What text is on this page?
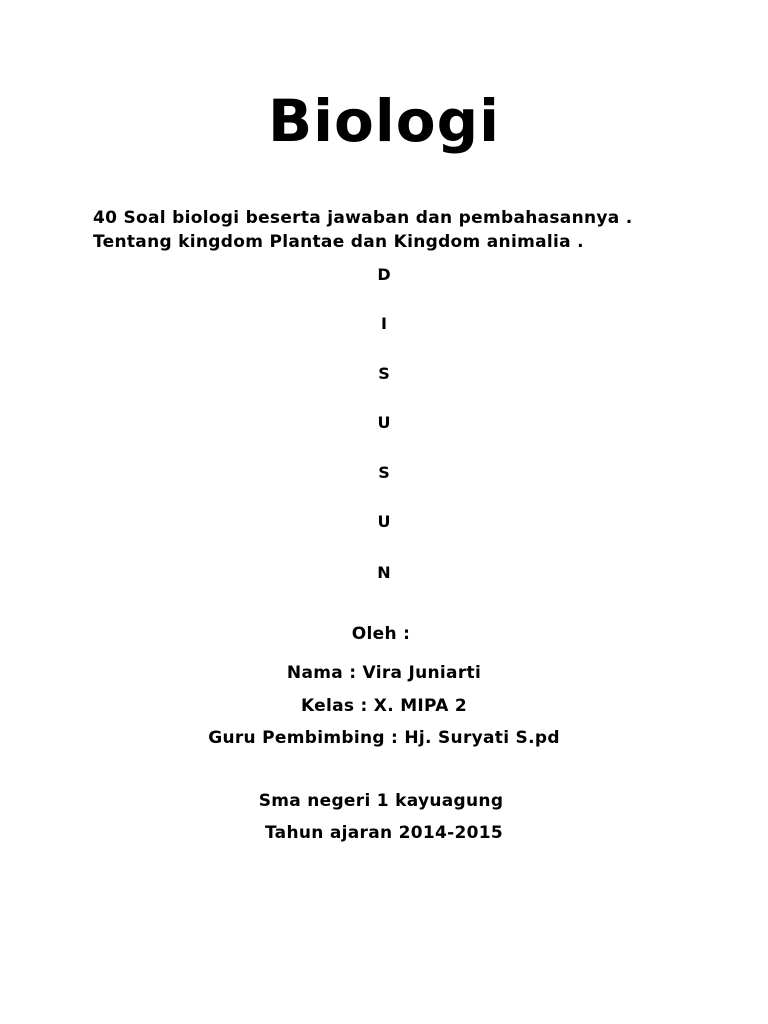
Biologi
40 Soal biologi beserta jawaban dan pembahasannya .
Tentang kingdom Plantae dan Kingdom animalia .
D
I
S
U
S
U
N
Oleh :
Nama : Vira Juniarti
Kelas : X. MIPA 2
Guru Pembimbing : Hj. Suryati S.pd
Sma negeri 1 kayuagung
Tahun ajaran 2014-2015
